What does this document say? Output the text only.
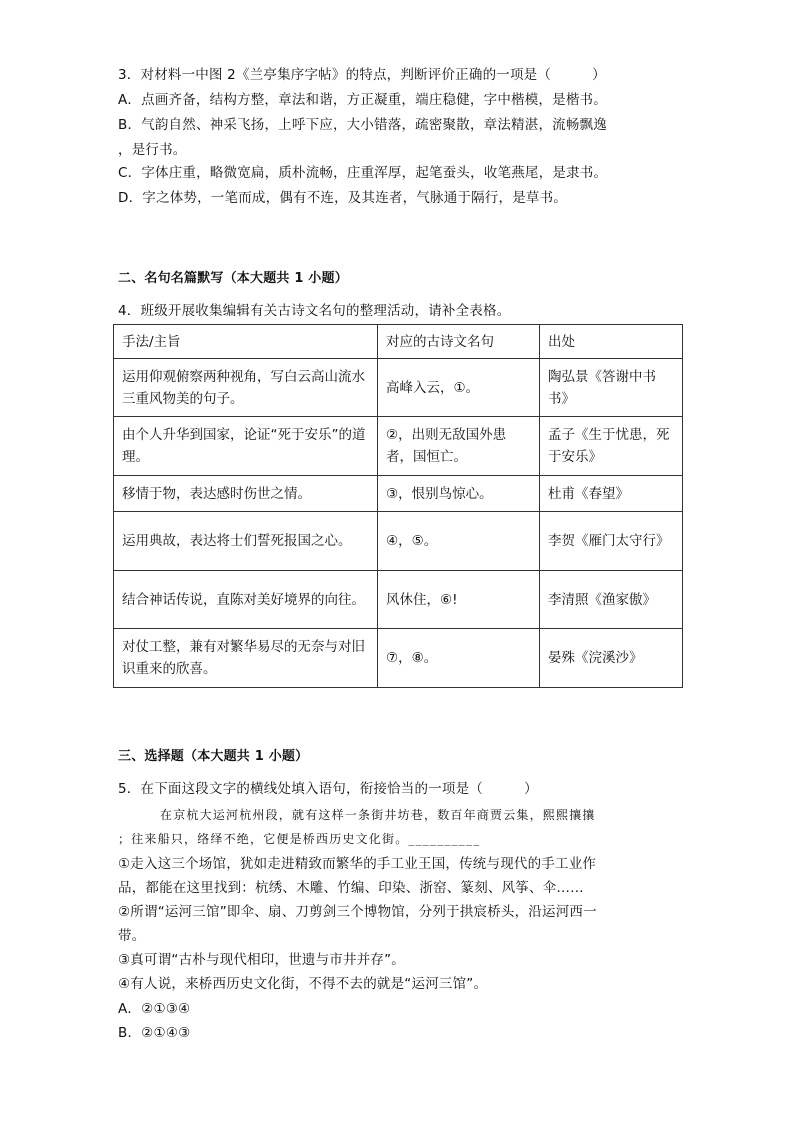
3．对材料一中图 2《兰亭集序字帖》的特点，判断评价正确的一项是（　　　）
A．点画齐备，结构方整，章法和谐，方正凝重，端庄稳健，字中楷模，是楷书。
B．气韵自然、神采飞扬，上呼下应，大小错落，疏密聚散，章法精湛，流畅飘逸
，是行书。
C．字体庄重，略微宽扁，质朴流畅，庄重浑厚，起笔蚕头，收笔燕尾，是隶书。
D．字之体势，一笔而成，偶有不连，及其连者，气脉通于隔行，是草书。
二、名句名篇默写（本大题共 1 小题）
4．班级开展收集编辑有关古诗文名句的整理活动，请补全表格。
手法/主旨	对应的古诗文名句	出处
运用仰观俯察两种视角，写白云高山流水三重风物美的句子。	高峰入云，①。	陶弘景《答谢中书书》
由个人升华到国家，论证“死于安乐”的道理。	②，出则无敌国外患者，国恒亡。	孟子《生于忧患，死于安乐》
移情于物，表达感时伤世之情。	③，恨别鸟惊心。	杜甫《春望》
运用典故，表达将士们誓死报国之心。	④，⑤。	李贺《雁门太守行》
结合神话传说，直陈对美好境界的向往。	风休住，⑥!	李清照《渔家傲》
对仗工整，兼有对繁华易尽的无奈与对旧识重来的欣喜。	⑦，⑧。	晏殊《浣溪沙》
三、选择题（本大题共 1 小题）
5．在下面这段文字的横线处填入语句，衔接恰当的一项是（　　　）
在京杭大运河杭州段，就有这样一条街井坊巷，数百年商贾云集，熙熙攘攘
；往来船只，络绎不绝，它便是桥西历史文化街。__________
①走入这三个场馆，犹如走进精致而繁华的手工业王国，传统与现代的手工业作
品，都能在这里找到：杭绣、木雕、竹编、印染、浙窑、篆刻、风筝、伞……
②所谓“运河三馆”即伞、扇、刀剪剑三个博物馆，分列于拱宸桥头，沿运河西一
带。
③真可谓“古朴与现代相印，世遗与市井并存”。
④有人说，来桥西历史文化街，不得不去的就是“运河三馆”。
A．②①③④
B．②①④③
